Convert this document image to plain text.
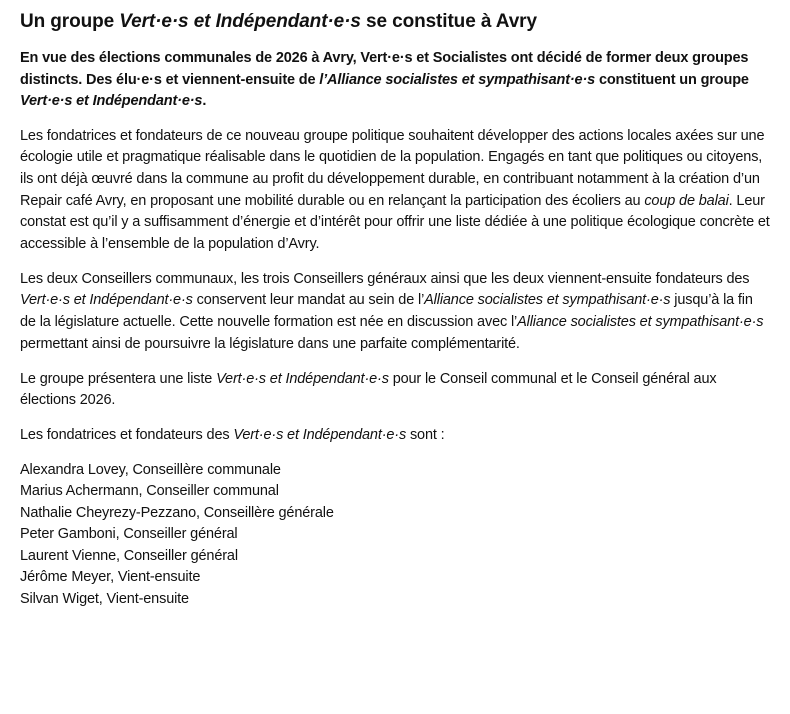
Un groupe Vert·e·s et Indépendant·e·s se constitue à Avry

En vue des élections communales de 2026 à Avry, Vert·e·s et Socialistes ont décidé de former deux groupes distincts. Des élu·e·s et viennent-ensuite de l’Alliance socialistes et sympathisant·e·s constituent un groupe Vert·e·s et Indépendant·e·s.

Les fondatrices et fondateurs de ce nouveau groupe politique souhaitent développer des actions locales axées sur une écologie utile et pragmatique réalisable dans le quotidien de la population. Engagés en tant que politiques ou citoyens, ils ont déjà œuvré dans la commune au profit du développement durable, en contribuant notamment à la création d’un Repair café Avry, en proposant une mobilité durable ou en relançant la participation des écoliers au coup de balai. Leur constat est qu’il y a suffisamment d’énergie et d’intérêt pour offrir une liste dédiée à une politique écologique concrète et accessible à l’ensemble de la population d’Avry.

Les deux Conseillers communaux, les trois Conseillers généraux ainsi que les deux viennent-ensuite fondateurs des Vert·e·s et Indépendant·e·s conservent leur mandat au sein de l’Alliance socialistes et sympathisant·e·s jusqu’à la fin de la législature actuelle. Cette nouvelle formation est née en discussion avec l’Alliance socialistes et sympathisant·e·s permettant ainsi de poursuivre la législature dans une parfaite complémentarité.

Le groupe présentera une liste Vert·e·s et Indépendant·e·s pour le Conseil communal et le Conseil général aux élections 2026.

Les fondatrices et fondateurs des Vert·e·s et Indépendant·e·s sont :

Alexandra Lovey, Conseillère communale
Marius Achermann, Conseiller communal
Nathalie Cheyrezy-Pezzano, Conseillère générale
Peter Gamboni, Conseiller général
Laurent Vienne, Conseiller général
Jérôme Meyer, Vient-ensuite
Silvan Wiget, Vient-ensuite
